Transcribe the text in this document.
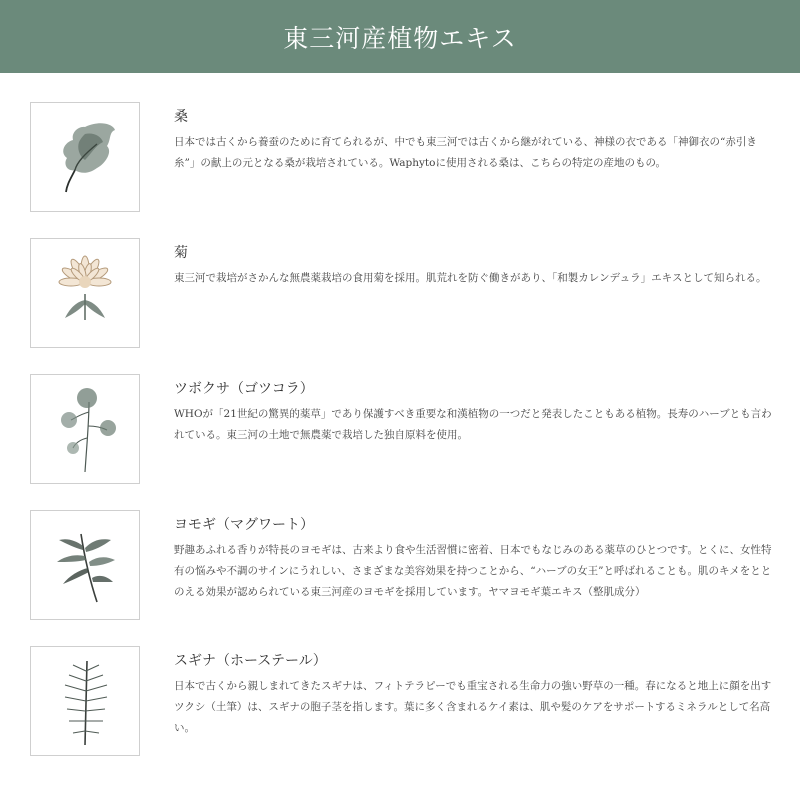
東三河産植物エキス
桑

日本では古くから養蚕のために育てられるが、中でも東三河では古くから継がれている、神様の衣である「神御衣の“赤引き糸”」の献上の元となる桑が栽培されている。Waphytoに使用される桑は、こちらの特定の産地のもの。

菊

東三河で栽培がさかんな無農薬栽培の食用菊を採用。肌荒れを防ぐ働きがあり、「和製カレンデュラ」エキスとして知られる。

ツボクサ（ゴツコラ）

WHOが「21世紀の驚異的薬草」であり保護すべき重要な和漢植物の一つだと発表したこともある植物。長寿のハーブとも言われている。東三河の土地で無農薬で栽培した独自原料を使用。

ヨモギ（マグワート）

野趣あふれる香りが特長のヨモギは、古来より食や生活習慣に密着、日本でもなじみのある薬草のひとつです。とくに、女性特有の悩みや不調のサインにうれしい、さまざまな美容効果を持つことから、“ハーブの女王”と呼ばれることも。肌のキメをととのえる効果が認められている東三河産のヨモギを採用しています。ヤマヨモギ葉エキス（整肌成分）

スギナ（ホーステール）

日本で古くから親しまれてきたスギナは、フィトテラピーでも重宝される生命力の強い野草の一種。春になると地上に顔を出すツクシ（土筆）は、スギナの胞子茎を指します。葉に多く含まれるケイ素は、肌や髪のケアをサポートするミネラルとして名高い。
